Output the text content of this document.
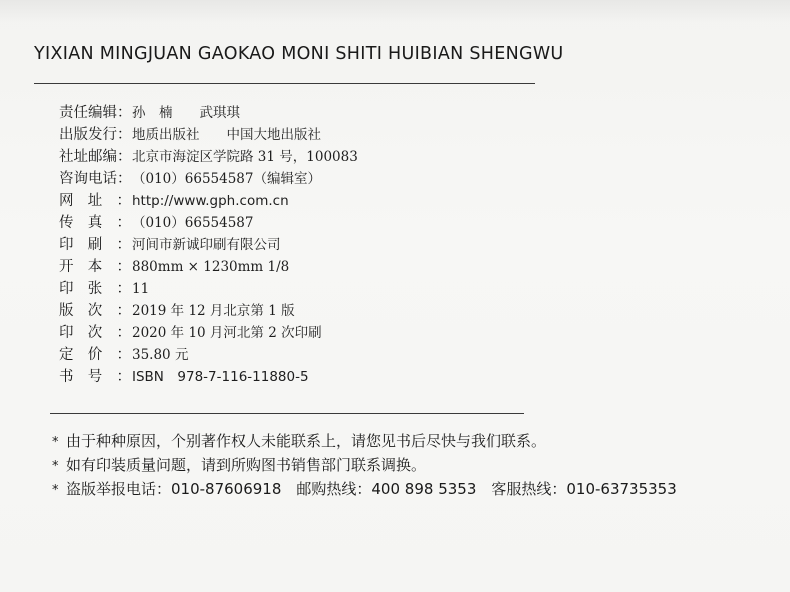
YIXIAN MINGJUAN GAOKAO MONI SHITI HUIBIAN SHENGWU
责 任 编 辑 ： 孙　楠　　武琪琪
出 版 发 行 ： 地质出版社　　中国大地出版社
社 址 邮 编 ： 北京市海淀区学院路 31 号，100083
咨 询 电 话 ： （010）66554587（编辑室）
网 址 ： http://www.gph.com.cn
传 真 ： （010）66554587
印 刷 ： 河间市新诚印刷有限公司
开 本 ： 880mm × 1230mm 1/8
印 张 ： 11
版 次 ： 2019 年 12 月北京第 1 版
印 次 ： 2020 年 10 月河北第 2 次印刷
定 价 ： 35.80 元
书 号 ： ISBN　978-7-116-11880-5
* 由于种种原因，个别著作权人未能联系上，请您见书后尽快与我们联系。
* 如有印装质量问题，请到所购图书销售部门联系调换。
* 盗版举报电话：010-87606918　邮购热线：400 898 5353　客服热线：010-63735353
